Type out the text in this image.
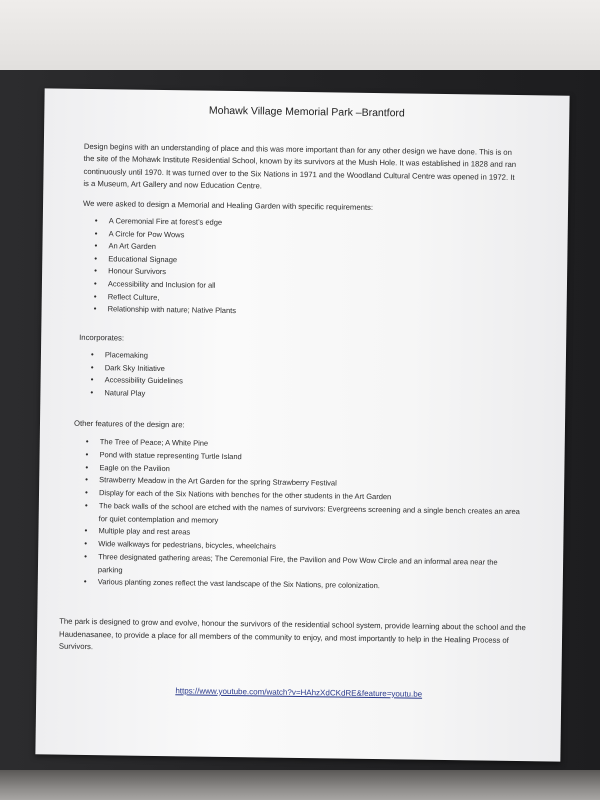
Mohawk Village Memorial Park –Brantford

Design begins with an understanding of place and this was more important than for any other design we have done. This is on the site of the Mohawk Institute Residential School, known by its survivors at the Mush Hole. It was established in 1828 and ran continuously until 1970. It was turned over to the Six Nations in 1971 and the Woodland Cultural Centre was opened in 1972. It is a Museum, Art Gallery and now Education Centre.

We were asked to design a Memorial and Healing Garden with specific requirements:

• A Ceremonial Fire at forest’s edge
• A Circle for Pow Wows
• An Art Garden
• Educational Signage
• Honour Survivors
• Accessibility and Inclusion for all
• Reflect Culture,
• Relationship with nature; Native Plants

Incorporates:

• Placemaking
• Dark Sky Initiative
• Accessibility Guidelines
• Natural Play

Other features of the design are:

• The Tree of Peace; A White Pine
• Pond with statue representing Turtle Island
• Eagle on the Pavilion
• Strawberry Meadow in the Art Garden for the spring Strawberry Festival
• Display for each of the Six Nations with benches for the other students in the Art Garden
• The back walls of the school are etched with the names of survivors: Evergreens screening and a single bench creates an area for quiet contemplation and memory
• Multiple play and rest areas
• Wide walkways for pedestrians, bicycles, wheelchairs
• Three designated gathering areas; The Ceremonial Fire, the Pavilion and Pow Wow Circle and an informal area near the parking
• Various planting zones reflect the vast landscape of the Six Nations, pre colonization.

The park is designed to grow and evolve, honour the survivors of the residential school system, provide learning about the school and the Haudenasanee, to provide a place for all members of the community to enjoy, and most importantly to help in the Healing Process of Survivors.

https://www.youtube.com/watch?v=HAhzXdCKdRE&feature=youtu.be
